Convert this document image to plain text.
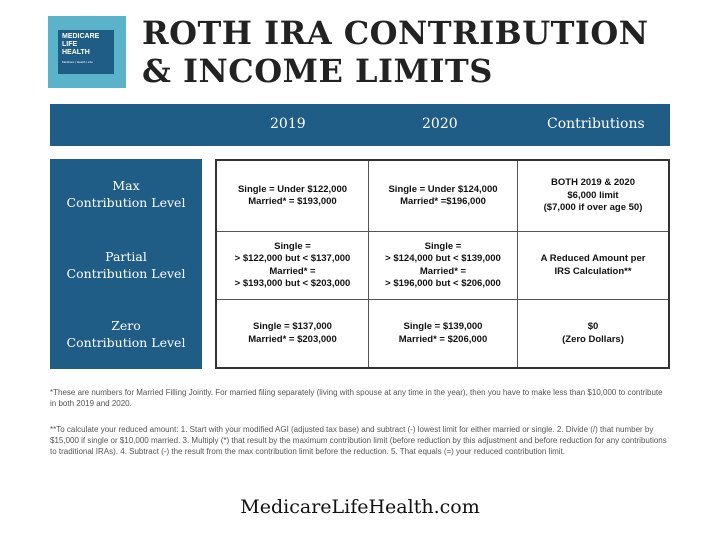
MEDICARE
LIFE
HEALTH
Medicare | Health | Life
ROTH IRA CONTRIBUTION
& INCOME LIMITS
2019	2020	Contributions
Max
Contribution Level
Partial
Contribution Level
Zero
Contribution Level
Single = Under $122,000
Married* = $193,000
Single = Under $124,000
Married* =$196,000
BOTH 2019 & 2020
$6,000 limit
($7,000 if over age 50)
Single =
> $122,000 but < $137,000
Married* =
> $193,000 but < $203,000
Single =
> $124,000 but < $139,000
Married* =
> $196,000 but < $206,000
A Reduced Amount per
IRS Calculation**
Single = $137,000
Married* = $203,000
Single = $139,000
Married* = $206,000
$0
(Zero Dollars)
*These are numbers for Married Filling Jointly. For married filing separately (living with spouse at any time in the year), then you have to make less than $10,000 to contribute in both 2019 and 2020.
**To calculate your reduced amount: 1. Start with your modified AGI (adjusted tax base) and subtract (-) lowest limit for either married or single. 2. Divide (/) that number by $15,000 if single or $10,000 married. 3. Multiply (*) that result by the maximum contribution limit (before reduction by this adjustment and before reduction for any contributions to traditional IRAs). 4. Subtract (-) the result from the max contribution limit before the reduction. 5. That equals (=) your reduced contribution limit.
MedicareLifeHealth.com
